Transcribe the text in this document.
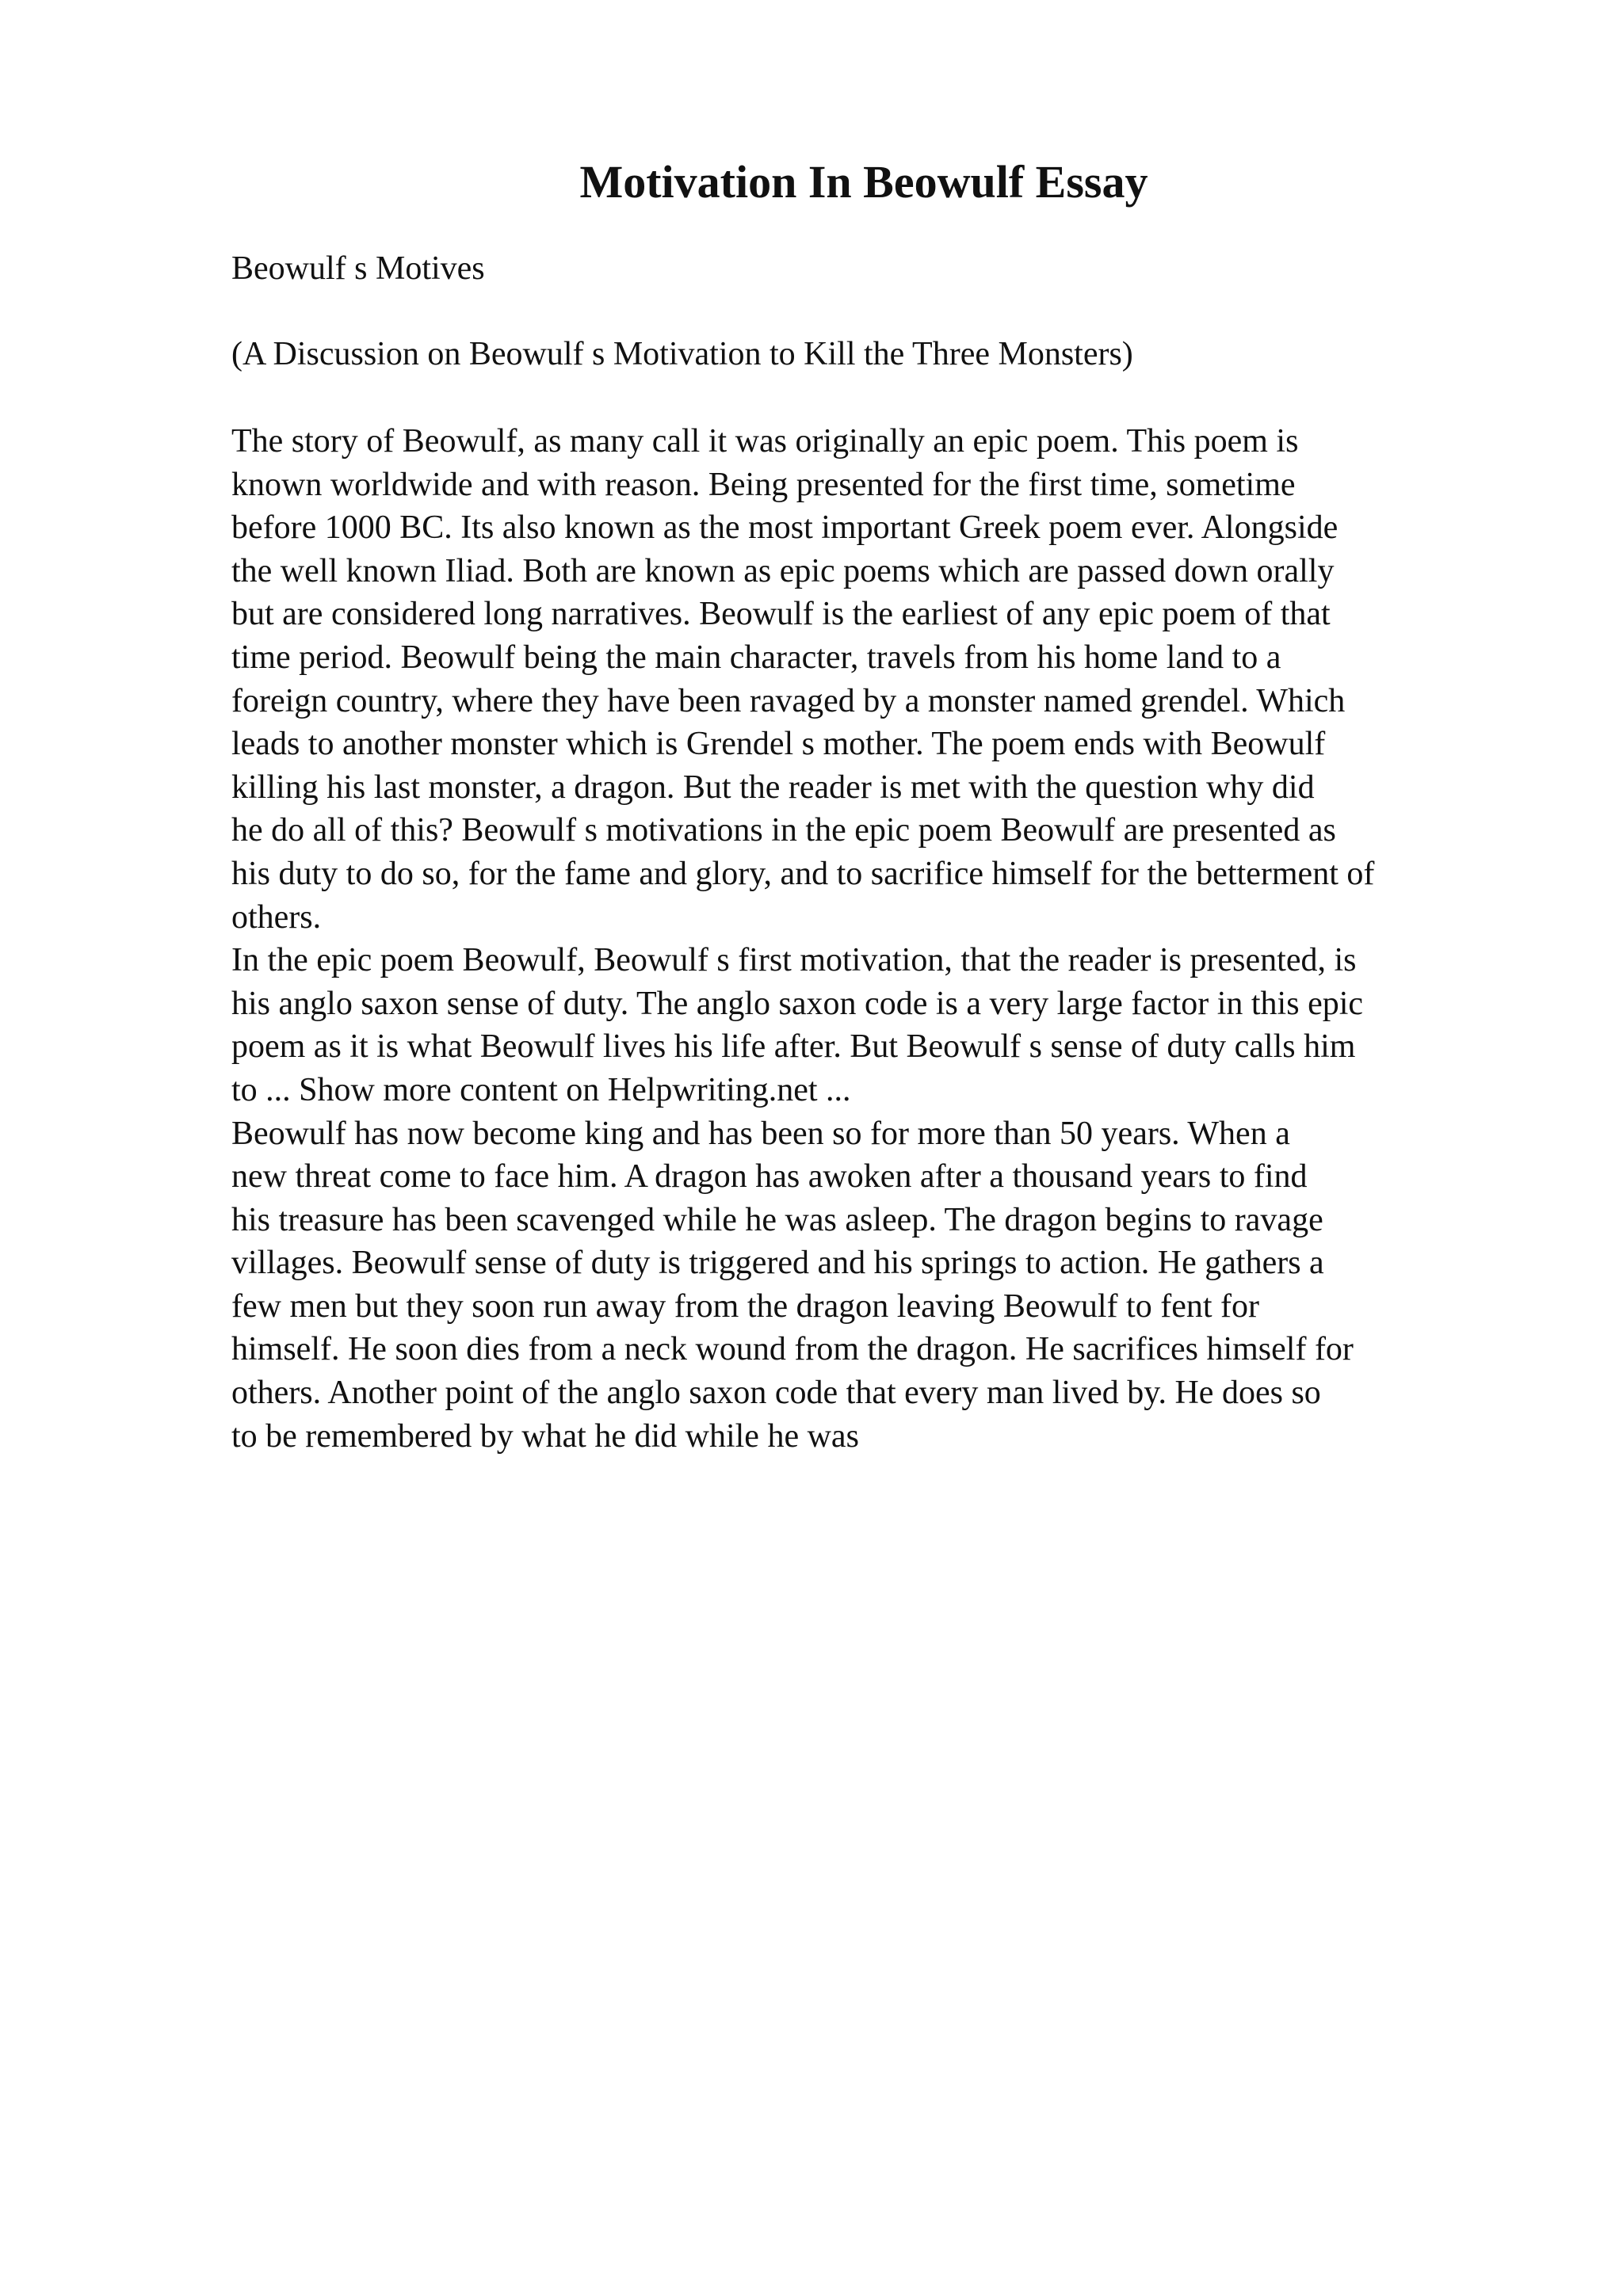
Motivation In Beowulf Essay

Beowulf s Motives

(A Discussion on Beowulf s Motivation to Kill the Three Monsters)

The story of Beowulf, as many call it was originally an epic poem. This poem is
known worldwide and with reason. Being presented for the first time, sometime
before 1000 BC. Its also known as the most important Greek poem ever. Alongside
the well known Iliad. Both are known as epic poems which are passed down orally
but are considered long narratives. Beowulf is the earliest of any epic poem of that
time period. Beowulf being the main character, travels from his home land to a
foreign country, where they have been ravaged by a monster named grendel. Which
leads to another monster which is Grendel s mother. The poem ends with Beowulf
killing his last monster, a dragon. But the reader is met with the question why did
he do all of this? Beowulf s motivations in the epic poem Beowulf are presented as
his duty to do so, for the fame and glory, and to sacrifice himself for the betterment of
others.
In the epic poem Beowulf, Beowulf s first motivation, that the reader is presented, is
his anglo saxon sense of duty. The anglo saxon code is a very large factor in this epic
poem as it is what Beowulf lives his life after. But Beowulf s sense of duty calls him
to ... Show more content on Helpwriting.net ...
Beowulf has now become king and has been so for more than 50 years. When a
new threat come to face him. A dragon has awoken after a thousand years to find
his treasure has been scavenged while he was asleep. The dragon begins to ravage
villages. Beowulf sense of duty is triggered and his springs to action. He gathers a
few men but they soon run away from the dragon leaving Beowulf to fent for
himself. He soon dies from a neck wound from the dragon. He sacrifices himself for
others. Another point of the anglo saxon code that every man lived by. He does so
to be remembered by what he did while he was
